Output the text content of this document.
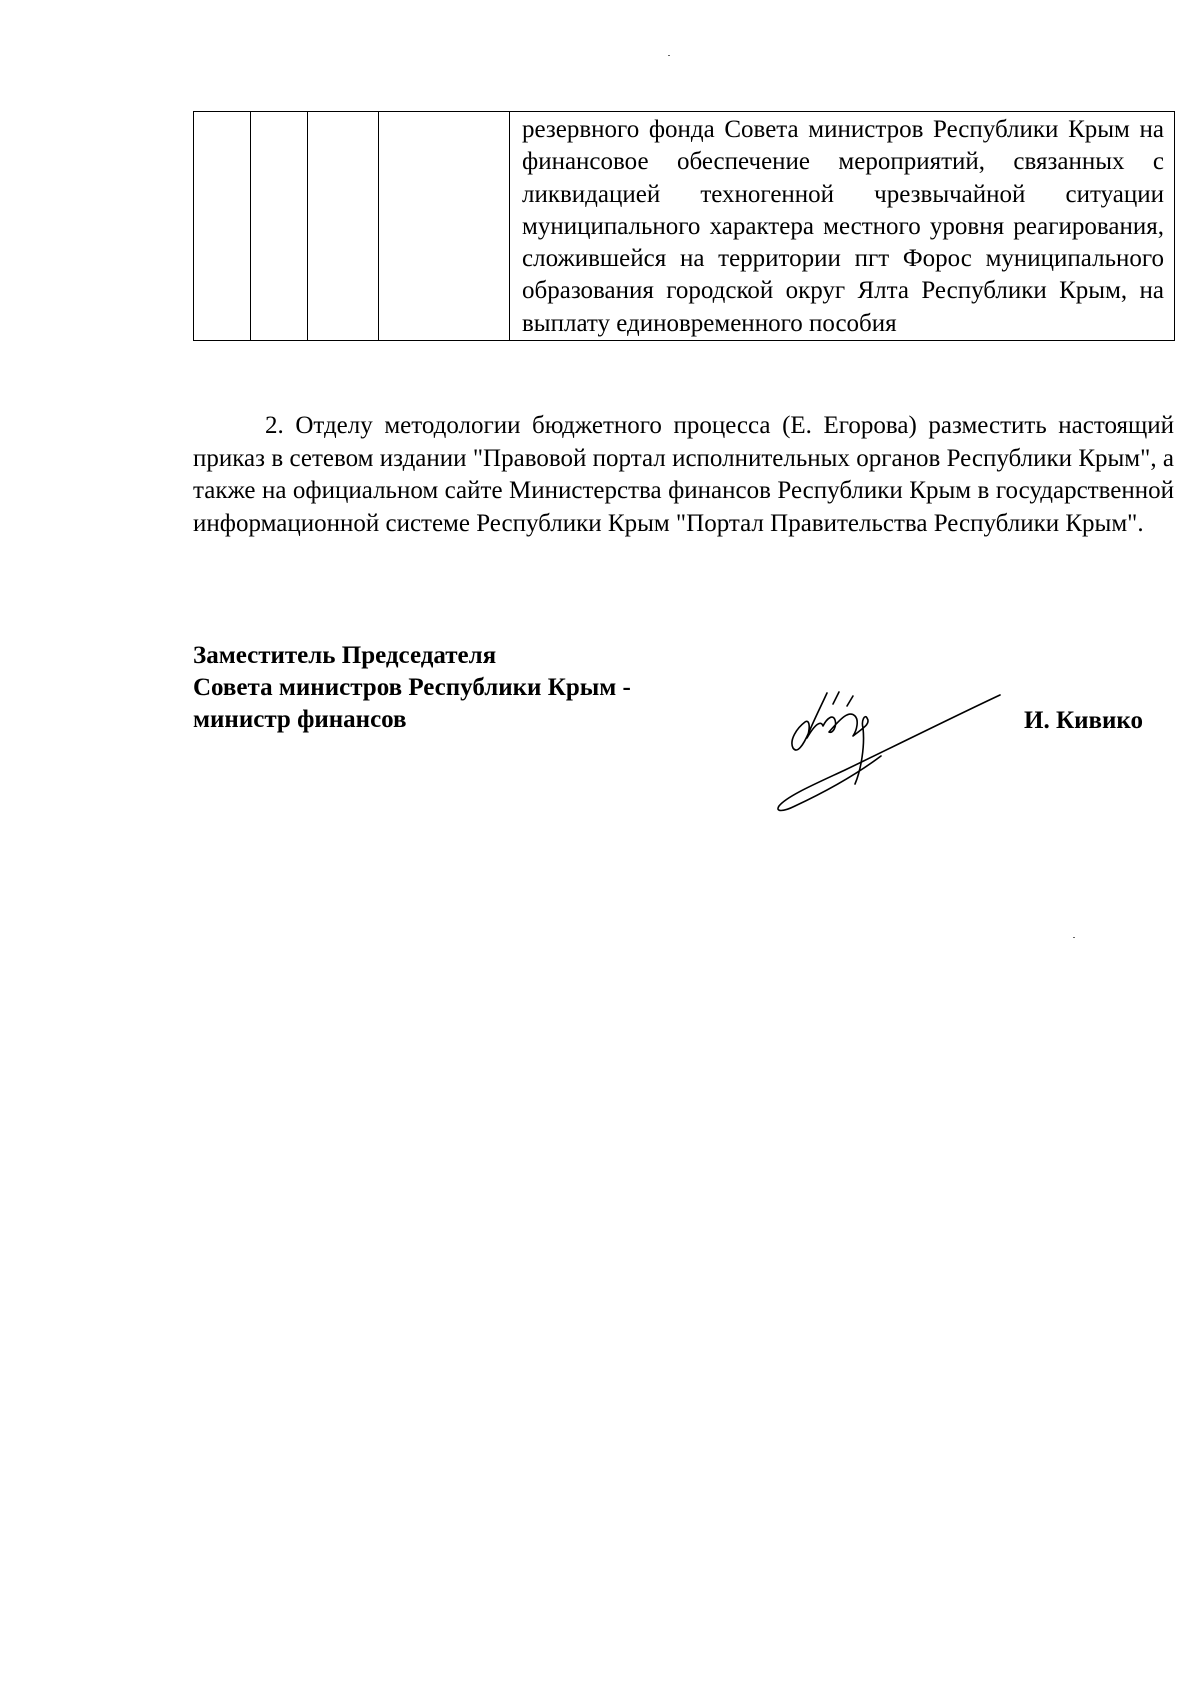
				резервного фонда Совета министров Республики Крым на финансовое обеспечение мероприятий, связанных с ликвидацией техногенной чрезвычайной ситуации муниципального характера местного уровня реагирования, сложившейся на территории пгт Форос муниципального образования городской округ Ялта Республики Крым, на выплату единовременного пособия

2. Отделу методологии бюджетного процесса (Е. Егорова) разместить настоящий приказ в сетевом издании "Правовой портал исполнительных органов Республики Крым", а также на официальном сайте Министерства финансов Республики Крым в государственной информационной системе Республики Крым "Портал Правительства Республики Крым".

Заместитель Председателя
Совета министров Республики Крым -
министр финансов	И. Кивико
